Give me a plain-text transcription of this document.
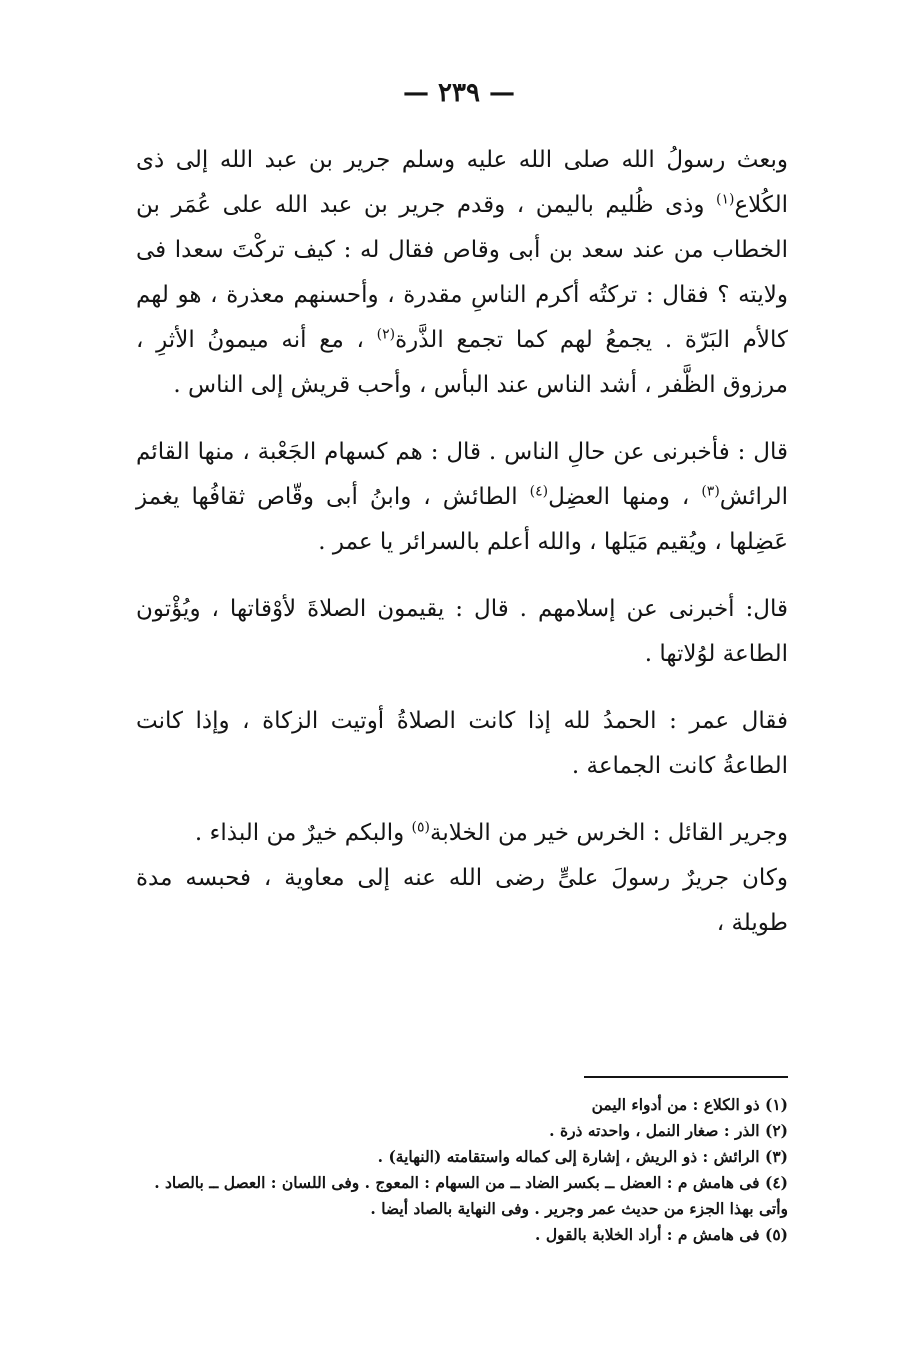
— ٢٣٩ —

وبعث رسولُ الله صلى الله عليه وسلم جرير بن عبد الله إلى ذى الكُلاع$^{(١)}$ وذى ظُليم باليمن ، وقدم جرير بن عبد الله على عُمَر بن الخطاب من عند سعد بن أبى وقاص فقال له : كيف تركْتَ سعدا فى ولايته ؟ فقال : تركتُه أكرم الناسِ مقدرة ، وأحسنهم معذرة ، هو لهم كالأم البَرّة . يجمعُ لهم كما تجمع الذَّرة$^{(٢)}$ ، مع أنه ميمونُ الأثرِ ، مرزوق الظَّفر ، أشد الناس عند البأس ، وأحب قريش إلى الناس .

قال : فأخبرنى عن حالِ الناس . قال : هم كسهام الجَعْبة ، منها القائم الرائش$^{(٣)}$ ، ومنها العضِل$^{(٤)}$ الطائش ، وابنُ أبى وقّاص ثقافُها يغمز عَضِلها ، ويُقيم مَيَلها ، والله أعلم بالسرائر يا عمر .

قال: أخبرنى عن إسلامهم . قال : يقيمون الصلاةَ لأوْقاتها ، ويُؤْتون الطاعة لوُلاتها .

فقال عمر : الحمدُ لله إذا كانت الصلاةُ أوتيت الزكاة ، وإذا كانت الطاعةُ كانت الجماعة .

وجرير القائل : الخرس خير من الخلابة$^{(٥)}$ والبكم خيرٌ من البذاء .

وكان جريرٌ رسولَ علىٍّ رضى الله عنه إلى معاوية ، فحبسه مدة طويلة ،

(١) ذو الكلاع : من أدواء اليمن

(٢) الذر : صغار النمل ، واحدته ذرة .

(٣) الرائش : ذو الريش ، إشارة إلى كماله واستقامته (النهاية) .

(٤) فى هامش م : العضل ــ بكسر الضاد ــ من السهام : المعوج . وفى اللسان : العصل ــ بالصاد . وأتى بهذا الجزء من حديث عمر وجرير . وفى النهاية بالصاد أيضا .

(٥) فى هامش م : أراد الخلابة بالقول .
